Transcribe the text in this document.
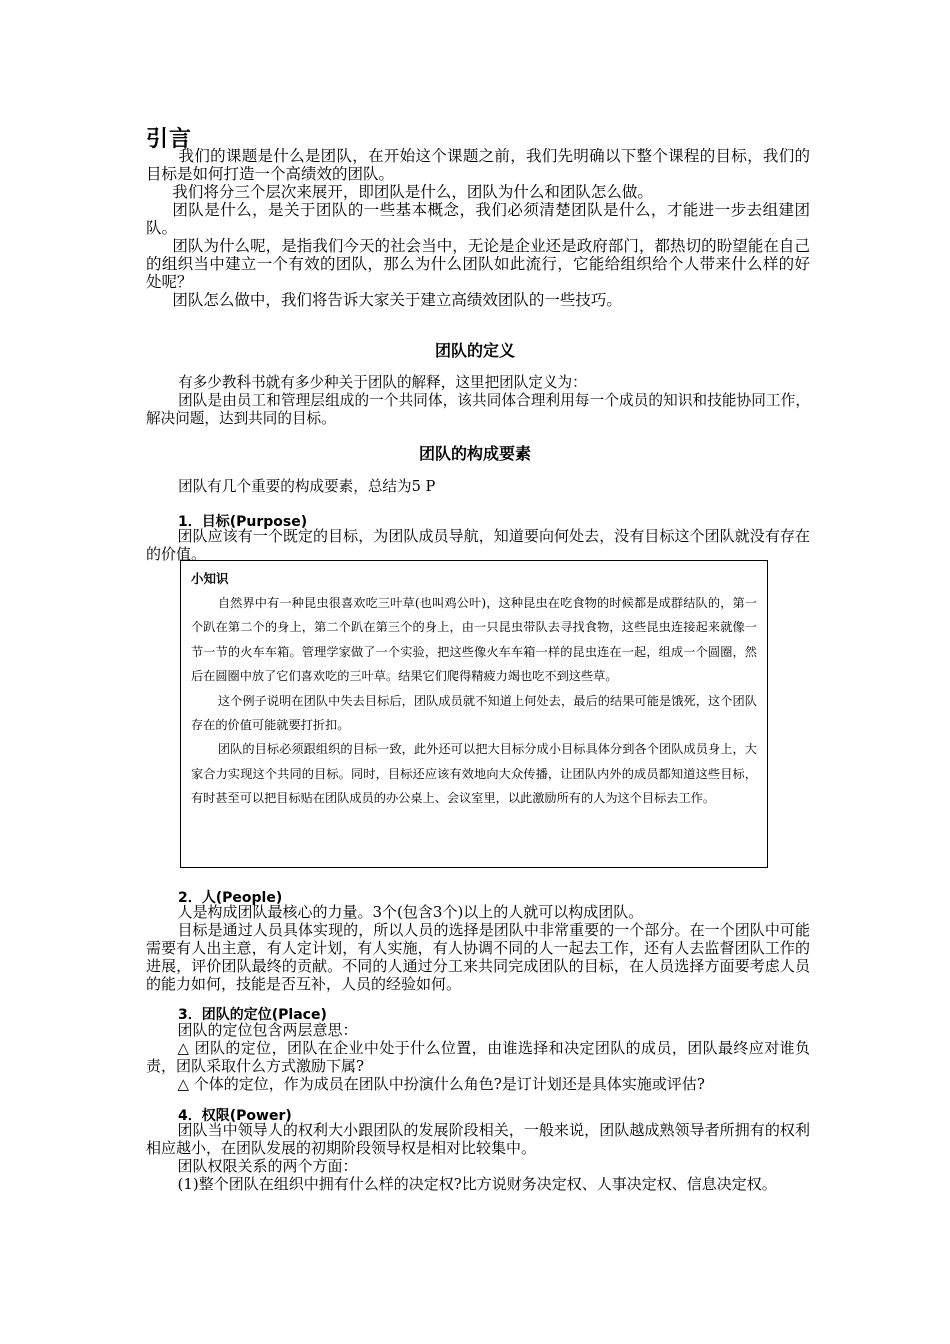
引言

我们的课题是什么是团队，在开始这个课题之前，我们先明确以下整个课程的目标，我们的目标是如何打造一个高绩效的团队。

我们将分三个层次来展开，即团队是什么，团队为什么和团队怎么做。

团队是什么，是关于团队的一些基本概念，我们必须清楚团队是什么，才能进一步去组建团队。

团队为什么呢，是指我们今天的社会当中，无论是企业还是政府部门，都热切的盼望能在自己的组织当中建立一个有效的团队，那么为什么团队如此流行，它能给组织给个人带来什么样的好处呢？

团队怎么做中，我们将告诉大家关于建立高绩效团队的一些技巧。

团队的定义

有多少教科书就有多少种关于团队的解释，这里把团队定义为：

团队是由员工和管理层组成的一个共同体，该共同体合理利用每一个成员的知识和技能协同工作，解决问题，达到共同的目标。

团队的构成要素

团队有几个重要的构成要素，总结为5 P

1．目标(Purpose)

团队应该有一个既定的目标，为团队成员导航，知道要向何处去，没有目标这个团队就没有存在的价值。

小知识

自然界中有一种昆虫很喜欢吃三叶草(也叫鸡公叶)，这种昆虫在吃食物的时候都是成群结队的，第一个趴在第二个的身上，第二个趴在第三个的身上，由一只昆虫带队去寻找食物，这些昆虫连接起来就像一节一节的火车车箱。管理学家做了一个实验，把这些像火车车箱一样的昆虫连在一起，组成一个圆圈，然后在圆圈中放了它们喜欢吃的三叶草。结果它们爬得精疲力竭也吃不到这些草。

这个例子说明在团队中失去目标后，团队成员就不知道上何处去，最后的结果可能是饿死，这个团队存在的价值可能就要打折扣。

团队的目标必须跟组织的目标一致，此外还可以把大目标分成小目标具体分到各个团队成员身上，大家合力实现这个共同的目标。同时，目标还应该有效地向大众传播，让团队内外的成员都知道这些目标，有时甚至可以把目标贴在团队成员的办公桌上、会议室里，以此激励所有的人为这个目标去工作。

2．人(People)

人是构成团队最核心的力量。3个(包含3个)以上的人就可以构成团队。

目标是通过人员具体实现的，所以人员的选择是团队中非常重要的一个部分。在一个团队中可能需要有人出主意，有人定计划，有人实施，有人协调不同的人一起去工作，还有人去监督团队工作的进展，评价团队最终的贡献。不同的人通过分工来共同完成团队的目标，在人员选择方面要考虑人员的能力如何，技能是否互补，人员的经验如何。

3．团队的定位(Place)

团队的定位包含两层意思：

△ 团队的定位，团队在企业中处于什么位置，由谁选择和决定团队的成员，团队最终应对谁负责，团队采取什么方式激励下属?

△ 个体的定位，作为成员在团队中扮演什么角色?是订计划还是具体实施或评估?

4．权限(Power)

团队当中领导人的权利大小跟团队的发展阶段相关，一般来说，团队越成熟领导者所拥有的权利相应越小，在团队发展的初期阶段领导权是相对比较集中。

团队权限关系的两个方面：

(1)整个团队在组织中拥有什么样的决定权?比方说财务决定权、人事决定权、信息决定权。
